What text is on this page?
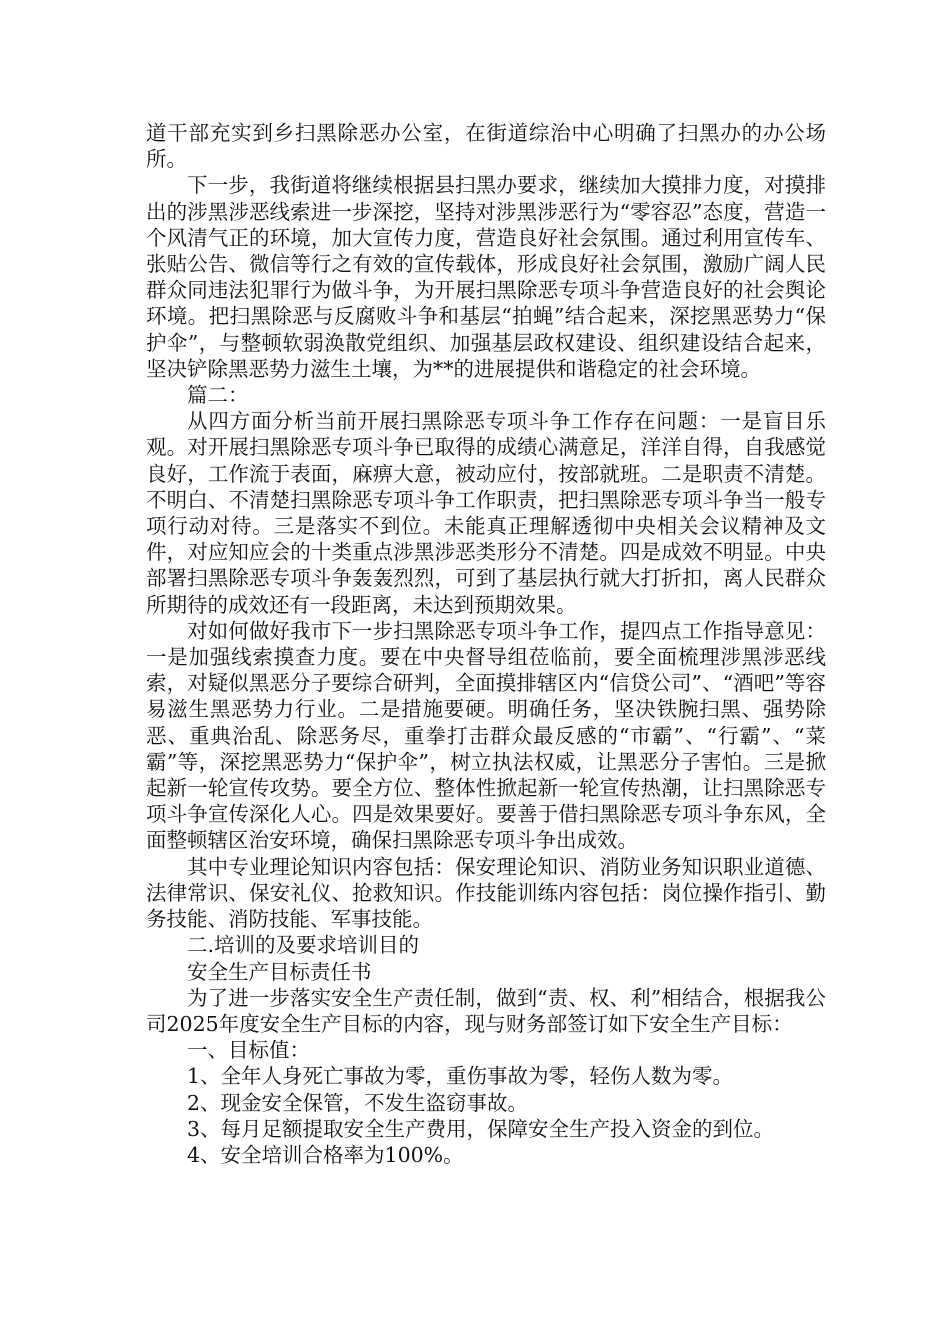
道干部充实到乡扫黑除恶办公室，在街道综治中心明确了扫黑办的办公场所。

下一步，我街道将继续根据县扫黑办要求，继续加大摸排力度，对摸排出的涉黑涉恶线索进一步深挖，坚持对涉黑涉恶行为“零容忍”态度，营造一个风清气正的环境，加大宣传力度，营造良好社会氛围。通过利用宣传车、张贴公告、微信等行之有效的宣传载体，形成良好社会氛围，激励广阔人民群众同违法犯罪行为做斗争，为开展扫黑除恶专项斗争营造良好的社会舆论环境。把扫黑除恶与反腐败斗争和基层“拍蝇”结合起来，深挖黑恶势力“保护伞”，与整顿软弱涣散党组织、加强基层政权建设、组织建设结合起来，坚决铲除黑恶势力滋生土壤，为**的进展提供和谐稳定的社会环境。

篇二：

从四方面分析当前开展扫黑除恶专项斗争工作存在问题：一是盲目乐观。对开展扫黑除恶专项斗争已取得的成绩心满意足，洋洋自得，自我感觉良好，工作流于表面，麻痹大意，被动应付，按部就班。二是职责不清楚。不明白、不清楚扫黑除恶专项斗争工作职责，把扫黑除恶专项斗争当一般专项行动对待。三是落实不到位。未能真正理解透彻中央相关会议精神及文件，对应知应会的十类重点涉黑涉恶类形分不清楚。四是成效不明显。中央部署扫黑除恶专项斗争轰轰烈烈，可到了基层执行就大打折扣，离人民群众所期待的成效还有一段距离，未达到预期效果。

对如何做好我市下一步扫黑除恶专项斗争工作，提四点工作指导意见：一是加强线索摸查力度。要在中央督导组莅临前，要全面梳理涉黑涉恶线索，对疑似黑恶分子要综合研判，全面摸排辖区内“信贷公司”、“酒吧”等容易滋生黑恶势力行业。二是措施要硬。明确任务，坚决铁腕扫黑、强势除恶、重典治乱、除恶务尽，重拳打击群众最反感的“市霸”、“行霸”、“菜霸”等，深挖黑恶势力“保护伞”，树立执法权威，让黑恶分子害怕。三是掀起新一轮宣传攻势。要全方位、整体性掀起新一轮宣传热潮，让扫黑除恶专项斗争宣传深化人心。四是效果要好。要善于借扫黑除恶专项斗争东风，全面整顿辖区治安环境，确保扫黑除恶专项斗争出成效。

其中专业理论知识内容包括：保安理论知识、消防业务知识职业道德、法律常识、保安礼仪、抢救知识。作技能训练内容包括：岗位操作指引、勤务技能、消防技能、军事技能。

二.培训的及要求培训目的

安全生产目标责任书

为了进一步落实安全生产责任制，做到“责、权、利”相结合，根据我公司2025年度安全生产目标的内容，现与财务部签订如下安全生产目标：

一、目标值：

1、全年人身死亡事故为零，重伤事故为零，轻伤人数为零。

2、现金安全保管，不发生盗窃事故。

3、每月足额提取安全生产费用，保障安全生产投入资金的到位。

4、安全培训合格率为100%。
